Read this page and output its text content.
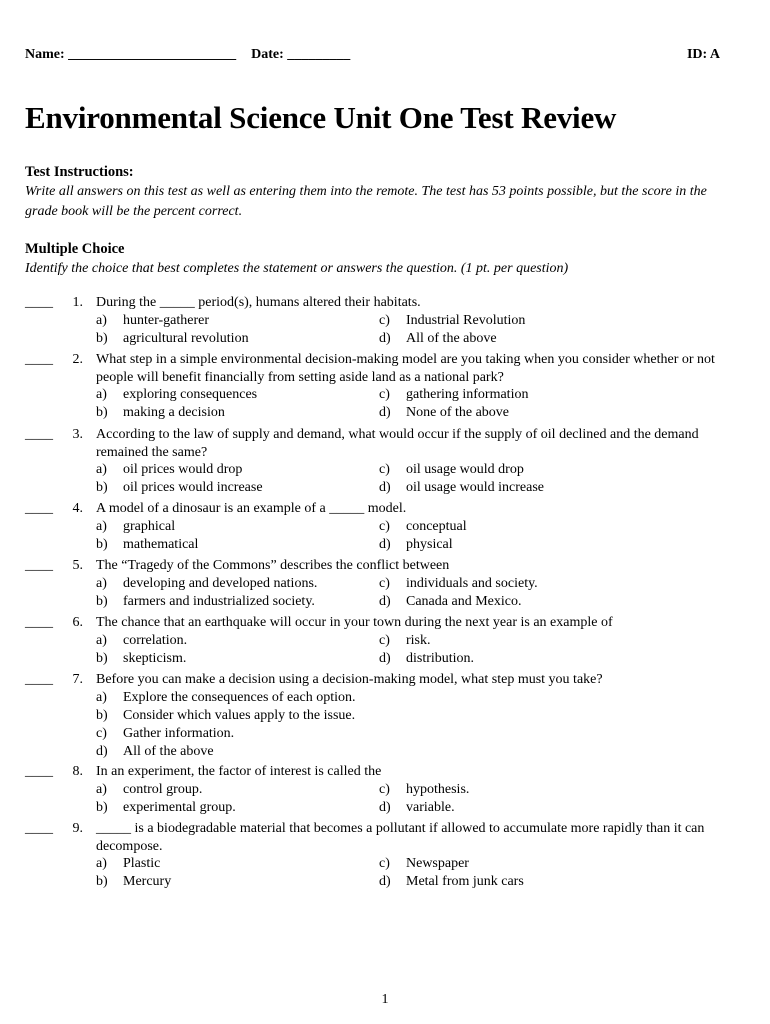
Name: ________________________ Date: _________	ID: A
Environmental Science Unit One Test Review
Test Instructions:
Write all answers on this test as well as entering them into the remote. The test has 53 points possible, but the score in the grade book will be the percent correct.
Multiple Choice
Identify the choice that best completes the statement or answers the question. (1 pt. per question)
____ 1. During the _____ period(s), humans altered their habitats.
a) hunter-gatherer	c) Industrial Revolution
b) agricultural revolution	d) All of the above
____ 2. What step in a simple environmental decision-making model are you taking when you consider whether or not people will benefit financially from setting aside land as a national park?
a) exploring consequences	c) gathering information
b) making a decision	d) None of the above
____ 3. According to the law of supply and demand, what would occur if the supply of oil declined and the demand remained the same?
a) oil prices would drop	c) oil usage would drop
b) oil prices would increase	d) oil usage would increase
____ 4. A model of a dinosaur is an example of a _____ model.
a) graphical	c) conceptual
b) mathematical	d) physical
____ 5. The “Tragedy of the Commons” describes the conflict between
a) developing and developed nations.	c) individuals and society.
b) farmers and industrialized society.	d) Canada and Mexico.
____ 6. The chance that an earthquake will occur in your town during the next year is an example of
a) correlation.	c) risk.
b) skepticism.	d) distribution.
____ 7. Before you can make a decision using a decision-making model, what step must you take?
a) Explore the consequences of each option.
b) Consider which values apply to the issue.
c) Gather information.
d) All of the above
____ 8. In an experiment, the factor of interest is called the
a) control group.	c) hypothesis.
b) experimental group.	d) variable.
____ 9. _____ is a biodegradable material that becomes a pollutant if allowed to accumulate more rapidly than it can decompose.
a) Plastic	c) Newspaper
b) Mercury	d) Metal from junk cars
1
